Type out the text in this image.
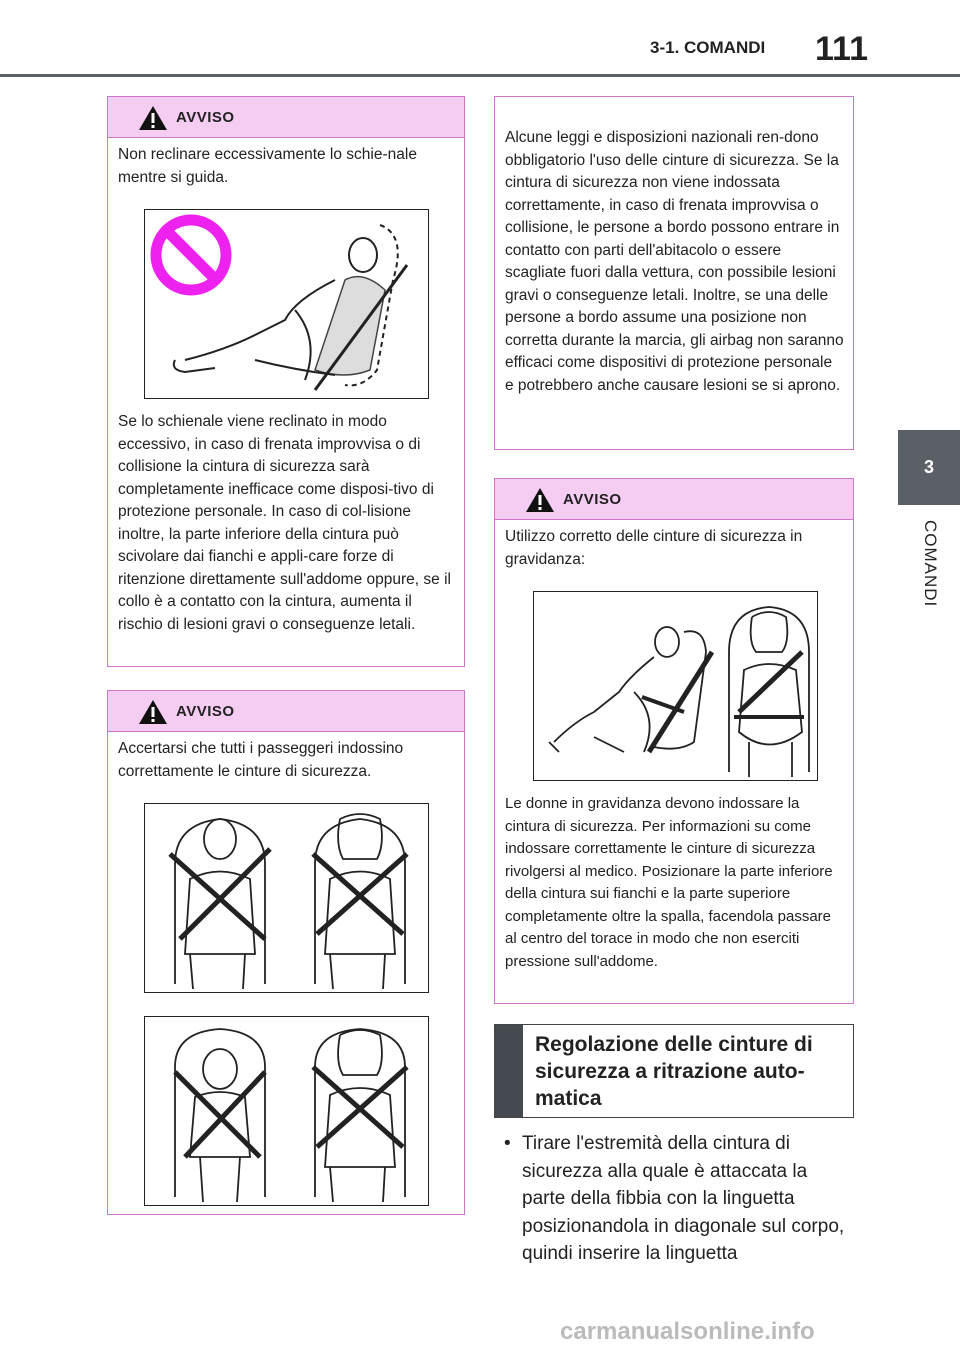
3-1. COMANDI 111
3
COMANDI
AVVISO
Non reclinare eccessivamente lo schie-nale mentre si guida.
Se lo schienale viene reclinato in modo eccessivo, in caso di frenata improvvisa o di collisione la cintura di sicurezza sarà completamente inefficace come disposi-tivo di protezione personale. In caso di col-lisione inoltre, la parte inferiore della cintura può scivolare dai fianchi e appli-care forze di ritenzione direttamente sull'addome oppure, se il collo è a contatto con la cintura, aumenta il rischio di lesioni gravi o conseguenze letali.
AVVISO
Accertarsi che tutti i passeggeri indossino correttamente le cinture di sicurezza.
Alcune leggi e disposizioni nazionali ren-dono obbligatorio l'uso delle cinture di sicurezza. Se la cintura di sicurezza non viene indossata correttamente, in caso di frenata improvvisa o collisione, le persone a bordo possono entrare in contatto con parti dell'abitacolo o essere scagliate fuori dalla vettura, con possibile lesioni gravi o conseguenze letali. Inoltre, se una delle persone a bordo assume una posizione non corretta durante la marcia, gli airbag non saranno efficaci come dispositivi di protezione personale e potrebbero anche causare lesioni se si aprono.
AVVISO
Utilizzo corretto delle cinture di sicurezza in gravidanza:
Le donne in gravidanza devono indossare la cintura di sicurezza. Per informazioni su come indossare correttamente le cinture di sicurezza rivolgersi al medico. Posizionare la parte inferiore della cintura sui fianchi e la parte superiore completamente oltre la spalla, facendola passare al centro del torace in modo che non eserciti pressione sull'addome.
Regolazione delle cinture di sicurezza a ritrazione auto-matica
• Tirare l'estremità della cintura di sicurezza alla quale è attaccata la parte della fibbia con la linguetta posizionandola in diagonale sul corpo, quindi inserire la linguetta
carmanualsonline.info
